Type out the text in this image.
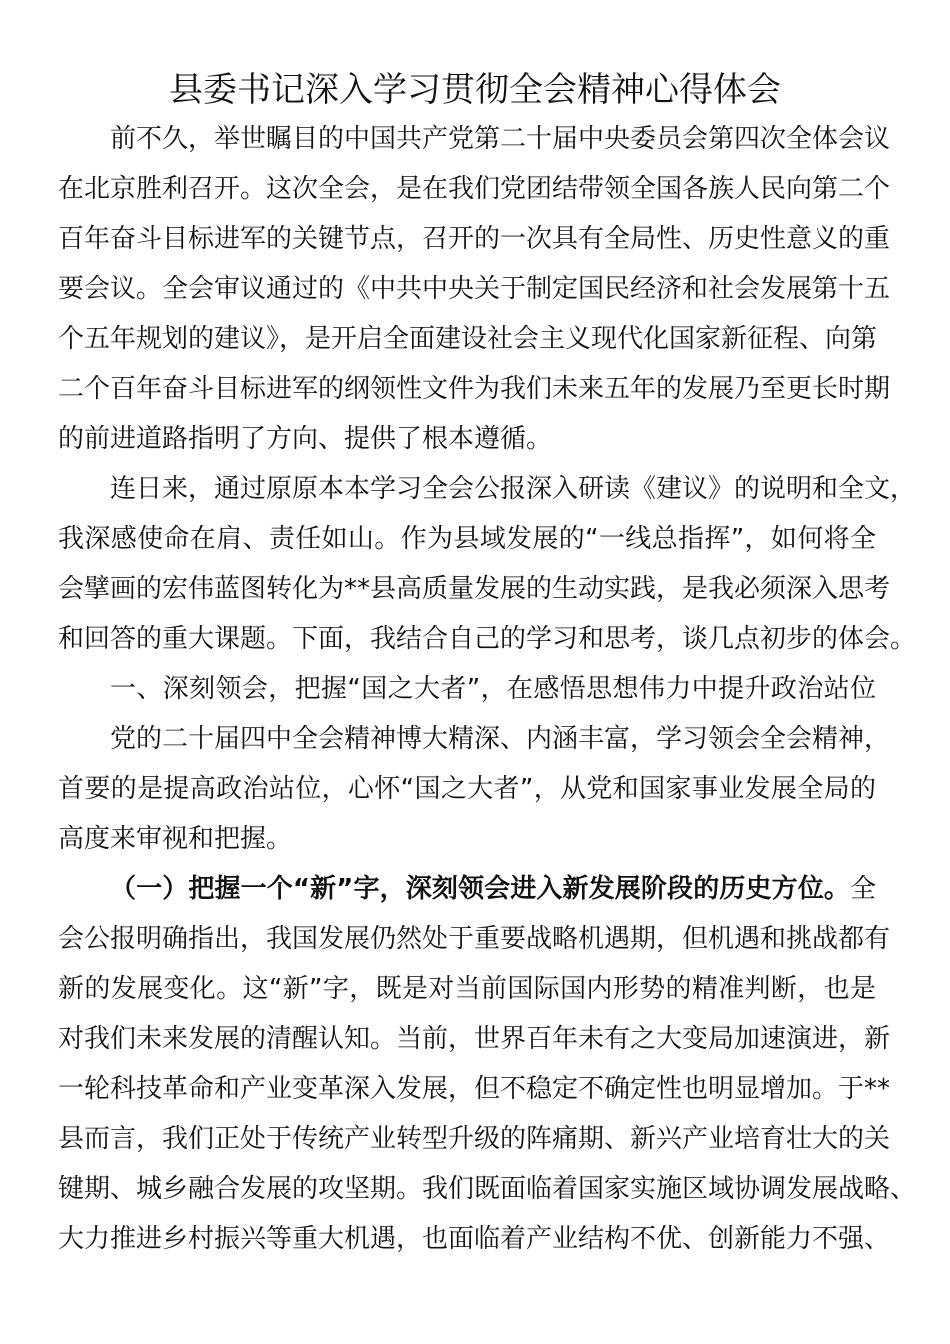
县委书记深入学习贯彻全会精神心得体会
前不久，举世瞩目的中国共产党第二十届中央委员会第四次全体会议
在北京胜利召开。这次全会，是在我们党团结带领全国各族人民向第二个
百年奋斗目标进军的关键节点，召开的一次具有全局性、历史性意义的重
要会议。全会审议通过的《中共中央关于制定国民经济和社会发展第十五
个五年规划的建议》，是开启全面建设社会主义现代化国家新征程、向第
二个百年奋斗目标进军的纲领性文件为我们未来五年的发展乃至更长时期
的前进道路指明了方向、提供了根本遵循。
连日来，通过原原本本学习全会公报深入研读《建议》的说明和全文，
我深感使命在肩、责任如山。作为县域发展的“一线总指挥”，如何将全
会擘画的宏伟蓝图转化为**县高质量发展的生动实践，是我必须深入思考
和回答的重大课题。下面，我结合自己的学习和思考，谈几点初步的体会。
一、深刻领会，把握“国之大者”，在感悟思想伟力中提升政治站位
党的二十届四中全会精神博大精深、内涵丰富，学习领会全会精神，
首要的是提高政治站位，心怀“国之大者”，从党和国家事业发展全局的
高度来审视和把握。
（一）把握一个“新”字，深刻领会进入新发展阶段的历史方位。全
会公报明确指出，我国发展仍然处于重要战略机遇期，但机遇和挑战都有
新的发展变化。这“新”字，既是对当前国际国内形势的精准判断，也是
对我们未来发展的清醒认知。当前，世界百年未有之大变局加速演进，新
一轮科技革命和产业变革深入发展，但不稳定不确定性也明显增加。于**
县而言，我们正处于传统产业转型升级的阵痛期、新兴产业培育壮大的关
键期、城乡融合发展的攻坚期。我们既面临着国家实施区域协调发展战略、
大力推进乡村振兴等重大机遇，也面临着产业结构不优、创新能力不强、
